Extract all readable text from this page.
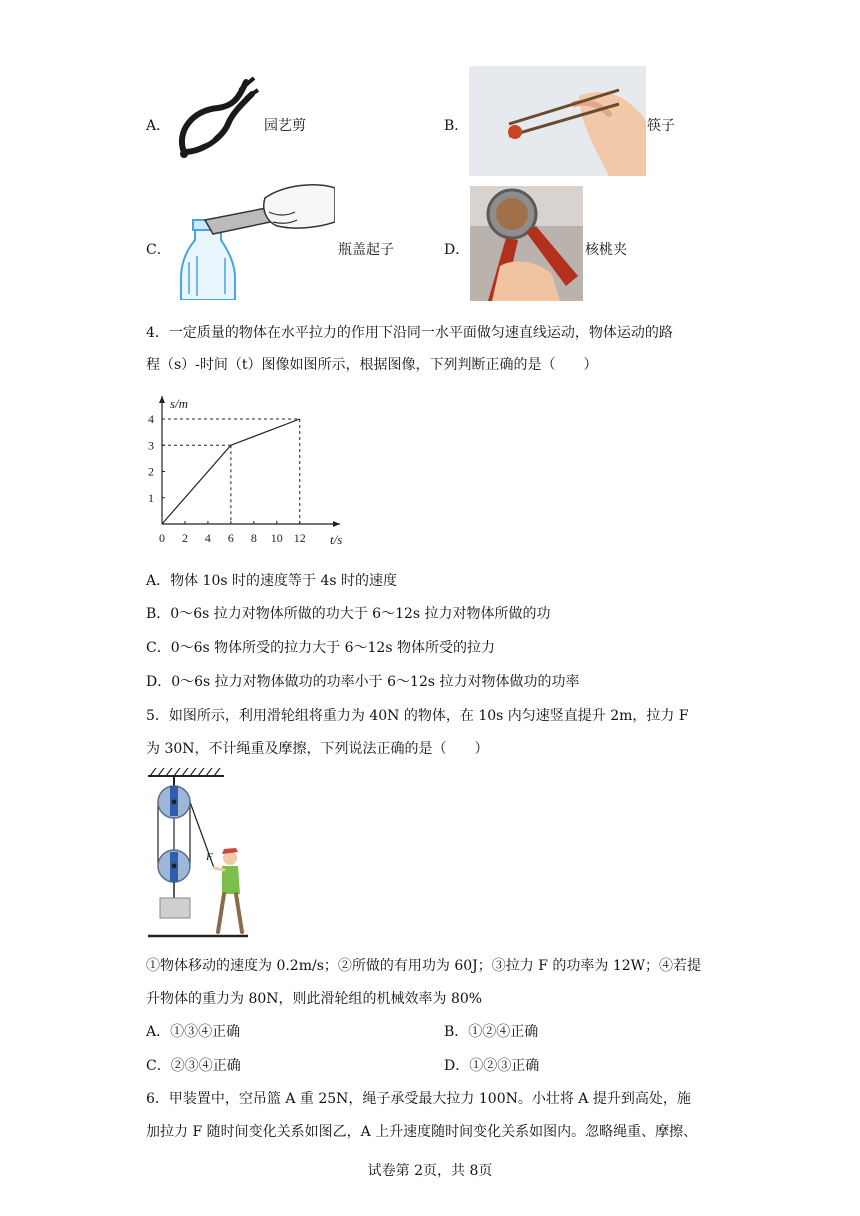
A．	园艺剪	B．	筷子
C．	瓶盖起子	D．	核桃夹
4．一定质量的物体在水平拉力的作用下沿同一水平面做匀速直线运动，物体运动的路
程（s）-时间（t）图像如图所示，根据图像，下列判断正确的是（　　）
0 2 4 6 8 10 12
1
2
3
4
t/s
s/m
A．物体 10s 时的速度等于 4s 时的速度
B．0～6s 拉力对物体所做的功大于 6～12s 拉力对物体所做的功
C．0～6s 物体所受的拉力大于 6～12s 物体所受的拉力
D．0～6s 拉力对物体做功的功率小于 6～12s 拉力对物体做功的功率
5．如图所示，利用滑轮组将重力为 40N 的物体，在 10s 内匀速竖直提升 2m，拉力 F
为 30N，不计绳重及摩擦，下列说法正确的是（　　）
F
①物体移动的速度为 0.2m/s；②所做的有用功为 60J；③拉力 F 的功率为 12W；④若提
升物体的重力为 80N，则此滑轮组的机械效率为 80%
A．①③④正确	B．①②④正确
C．②③④正确	D．①②③正确
6．甲装置中，空吊篮 A 重 25N，绳子承受最大拉力 100N。小壮将 A 提升到高处，施
加拉力 F 随时间变化关系如图乙，A 上升速度随时间变化关系如图内。忽略绳重、摩擦、
试卷第 2页，共 8页
